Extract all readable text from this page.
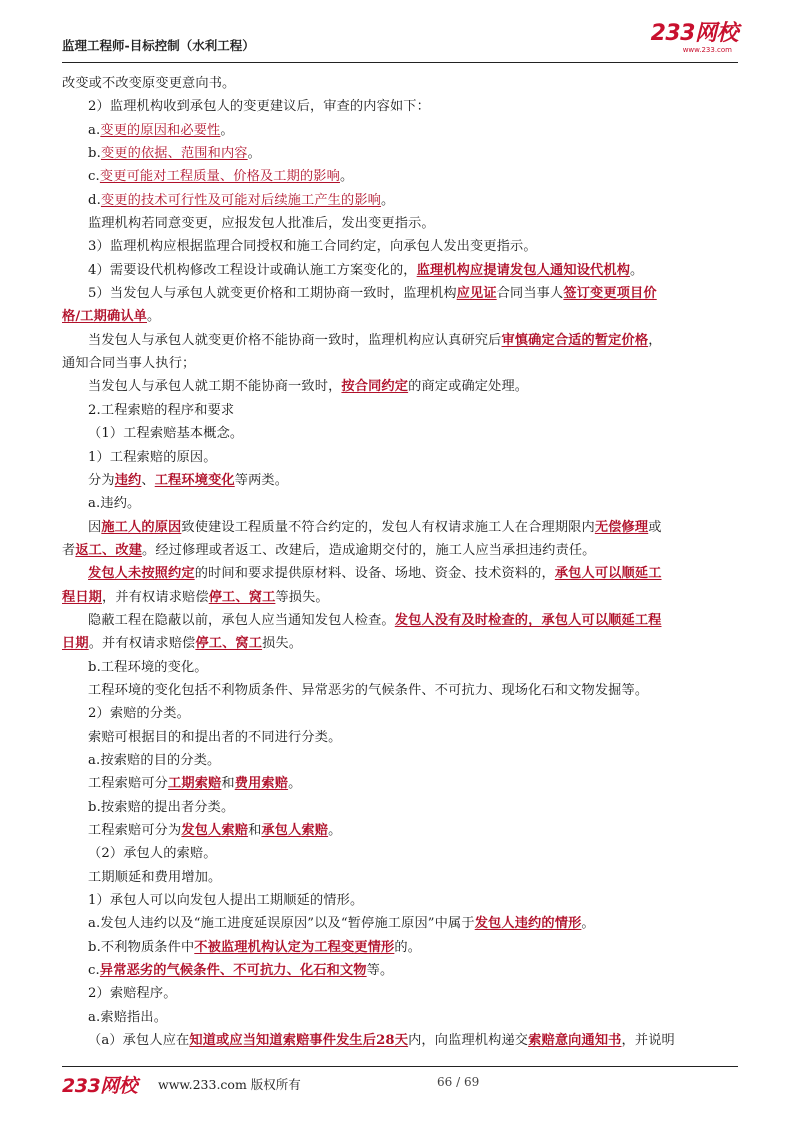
监理工程师-目标控制（水利工程）	233网校
www.233.com
改变或不改变原变更意向书。
2）监理机构收到承包人的变更建议后，审查的内容如下：
a.变更的原因和必要性。
b.变更的依据、范围和内容。
c.变更可能对工程质量、价格及工期的影响。
d.变更的技术可行性及可能对后续施工产生的影响。
监理机构若同意变更，应报发包人批准后，发出变更指示。
3）监理机构应根据监理合同授权和施工合同约定，向承包人发出变更指示。
4）需要设代机构修改工程设计或确认施工方案变化的，监理机构应提请发包人通知设代机构。
5）当发包人与承包人就变更价格和工期协商一致时，监理机构应见证合同当事人签订变更项目价
格/工期确认单。
当发包人与承包人就变更价格不能协商一致时，监理机构应认真研究后审慎确定合适的暂定价格，
通知合同当事人执行；
当发包人与承包人就工期不能协商一致时，按合同约定的商定或确定处理。
2.工程索赔的程序和要求
（1）工程索赔基本概念。
1）工程索赔的原因。
分为违约、工程环境变化等两类。
a.违约。
因施工人的原因致使建设工程质量不符合约定的，发包人有权请求施工人在合理期限内无偿修理或
者返工、改建。经过修理或者返工、改建后，造成逾期交付的，施工人应当承担违约责任。
发包人未按照约定的时间和要求提供原材料、设备、场地、资金、技术资料的，承包人可以顺延工
程日期，并有权请求赔偿停工、窝工等损失。
隐蔽工程在隐蔽以前，承包人应当通知发包人检查。发包人没有及时检查的，承包人可以顺延工程
日期。并有权请求赔偿停工、窝工损失。
b.工程环境的变化。
工程环境的变化包括不利物质条件、异常恶劣的气候条件、不可抗力、现场化石和文物发掘等。
2）索赔的分类。
索赔可根据目的和提出者的不同进行分类。
a.按索赔的目的分类。
工程索赔可分工期索赔和费用索赔。
b.按索赔的提出者分类。
工程索赔可分为发包人索赔和承包人索赔。
（2）承包人的索赔。
工期顺延和费用增加。
1）承包人可以向发包人提出工期顺延的情形。
a.发包人违约以及“施工进度延误原因”以及“暂停施工原因”中属于发包人违约的情形。
b.不利物质条件中不被监理机构认定为工程变更情形的。
c.异常恶劣的气候条件、不可抗力、化石和文物等。
2）索赔程序。
a.索赔指出。
（a）承包人应在知道或应当知道索赔事件发生后28天内，向监理机构递交索赔意向通知书，并说明
233网校 www.233.com 版权所有	66 / 69
